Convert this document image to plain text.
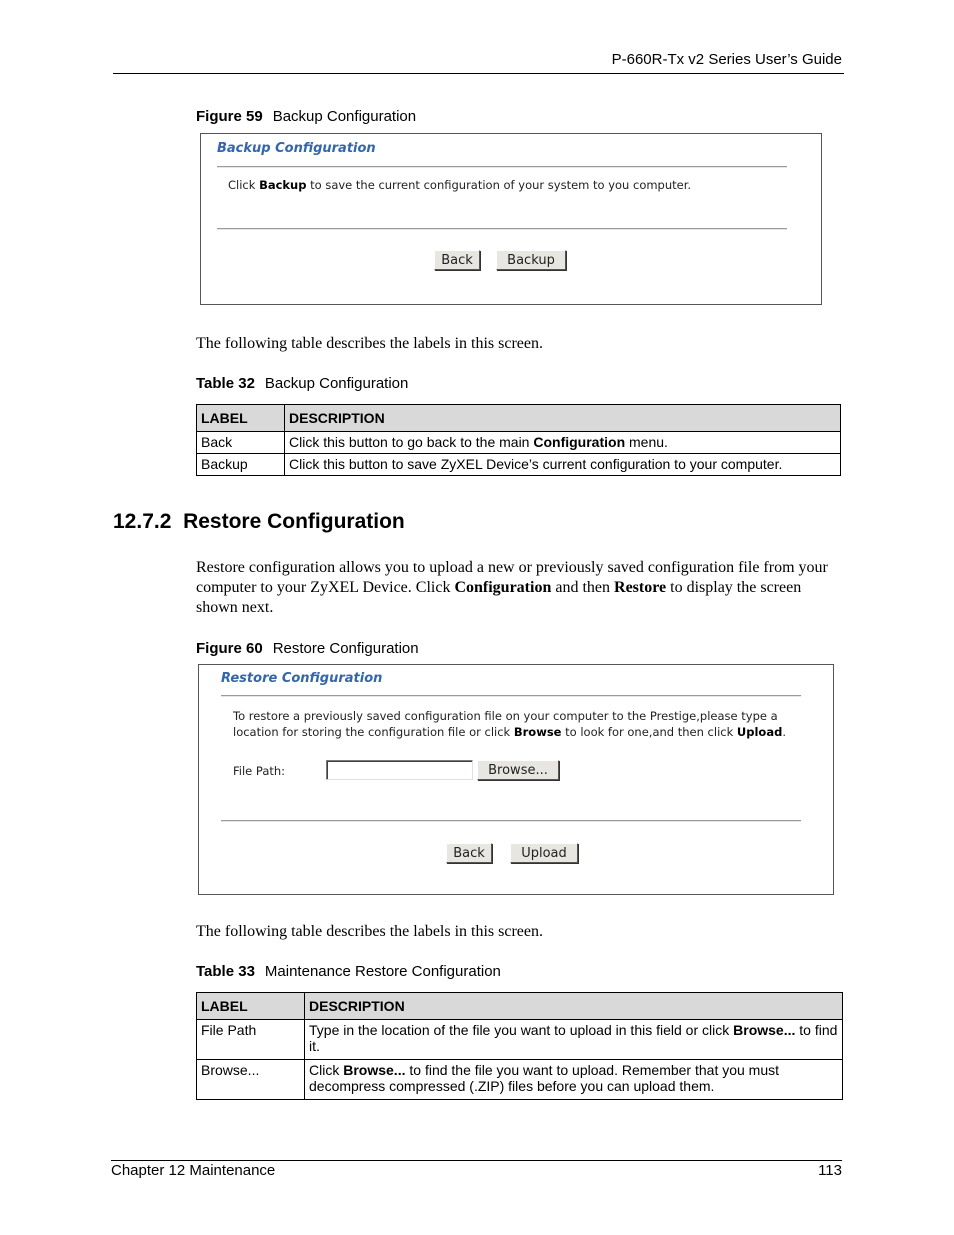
P-660R-Tx v2 Series User’s Guide
Figure 59 Backup Configuration
Backup Configuration
Click Backup to save the current configuration of your system to you computer.
Back	Backup
The following table describes the labels in this screen.
Table 32 Backup Configuration
LABEL	DESCRIPTION
Back	Click this button to go back to the main Configuration menu.
Backup	Click this button to save ZyXEL Device’s current configuration to your computer.
12.7.2 Restore Configuration
Restore configuration allows you to upload a new or previously saved configuration file from your computer to your ZyXEL Device. Click Configuration and then Restore to display the screen shown next.
Figure 60 Restore Configuration
Restore Configuration
To restore a previously saved configuration file on your computer to the Prestige,please type a
location for storing the configuration file or click Browse to look for one,and then click Upload.
File Path:	Browse...
Back	Upload
The following table describes the labels in this screen.
Table 33 Maintenance Restore Configuration
LABEL	DESCRIPTION
File Path	Type in the location of the file you want to upload in this field or click Browse... to find it.
Browse...	Click Browse... to find the file you want to upload. Remember that you must decompress compressed (.ZIP) files before you can upload them.
Chapter 12 Maintenance	113
